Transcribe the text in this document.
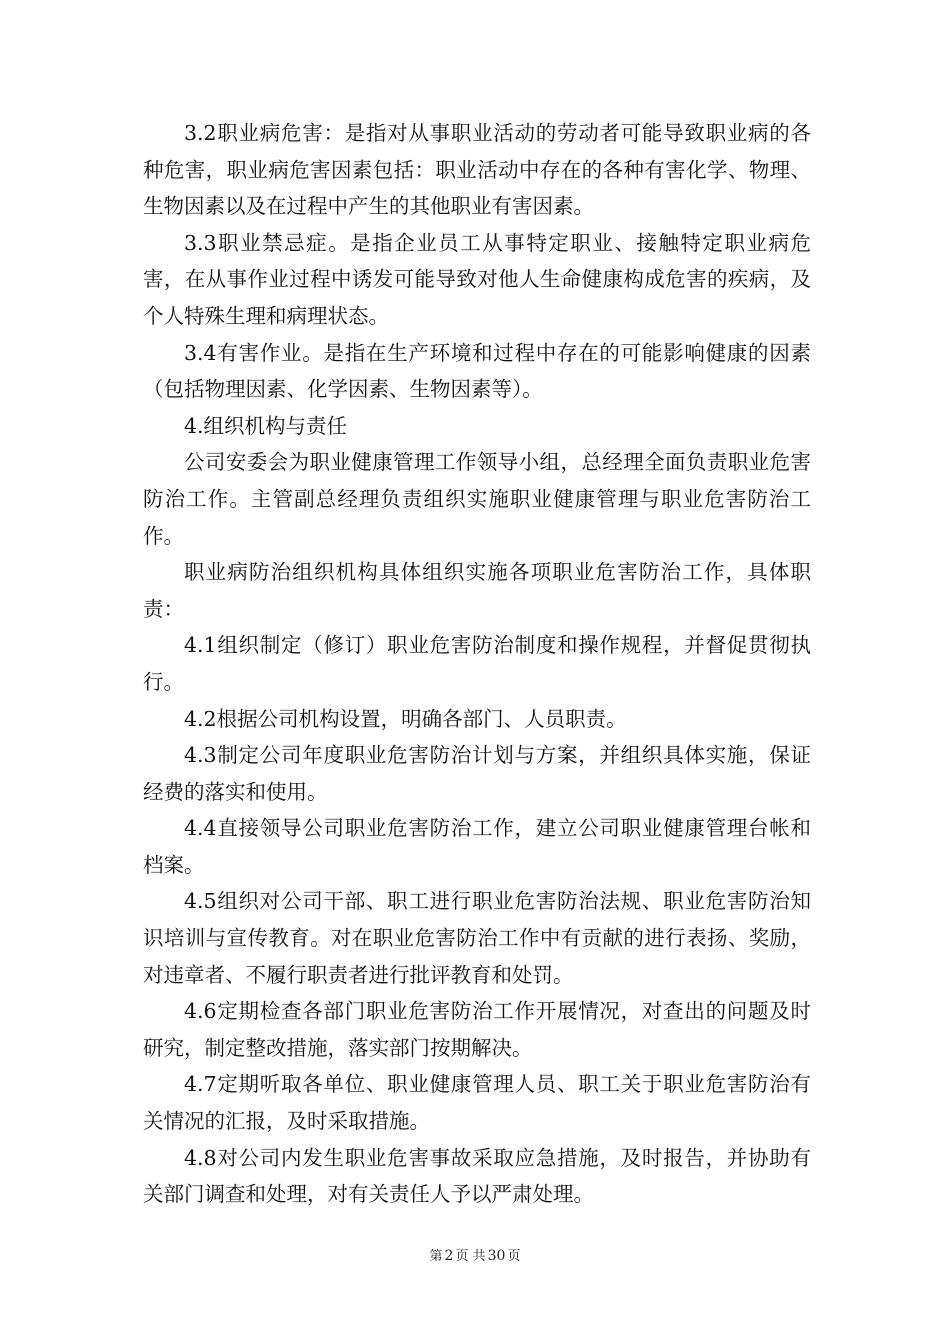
3.2职业病危害：是指对从事职业活动的劳动者可能导致职业病的各种危害，职业病危害因素包括：职业活动中存在的各种有害化学、物理、生物因素以及在过程中产生的其他职业有害因素。

3.3职业禁忌症。是指企业员工从事特定职业、接触特定职业病危害，在从事作业过程中诱发可能导致对他人生命健康构成危害的疾病，及个人特殊生理和病理状态。

3.4有害作业。是指在生产环境和过程中存在的可能影响健康的因素（包括物理因素、化学因素、生物因素等）。

4.组织机构与责任

公司安委会为职业健康管理工作领导小组，总经理全面负责职业危害防治工作。主管副总经理负责组织实施职业健康管理与职业危害防治工作。

职业病防治组织机构具体组织实施各项职业危害防治工作，具体职责：

4.1组织制定（修订）职业危害防治制度和操作规程，并督促贯彻执行。

4.2根据公司机构设置，明确各部门、人员职责。

4.3制定公司年度职业危害防治计划与方案，并组织具体实施，保证经费的落实和使用。

4.4直接领导公司职业危害防治工作，建立公司职业健康管理台帐和档案。

4.5组织对公司干部、职工进行职业危害防治法规、职业危害防治知识培训与宣传教育。对在职业危害防治工作中有贡献的进行表扬、奖励，对违章者、不履行职责者进行批评教育和处罚。

4.6定期检查各部门职业危害防治工作开展情况，对查出的问题及时研究，制定整改措施，落实部门按期解决。

4.7定期听取各单位、职业健康管理人员、职工关于职业危害防治有关情况的汇报，及时采取措施。

4.8对公司内发生职业危害事故采取应急措施，及时报告，并协助有关部门调查和处理，对有关责任人予以严肃处理。

第 2 页 共 30 页
